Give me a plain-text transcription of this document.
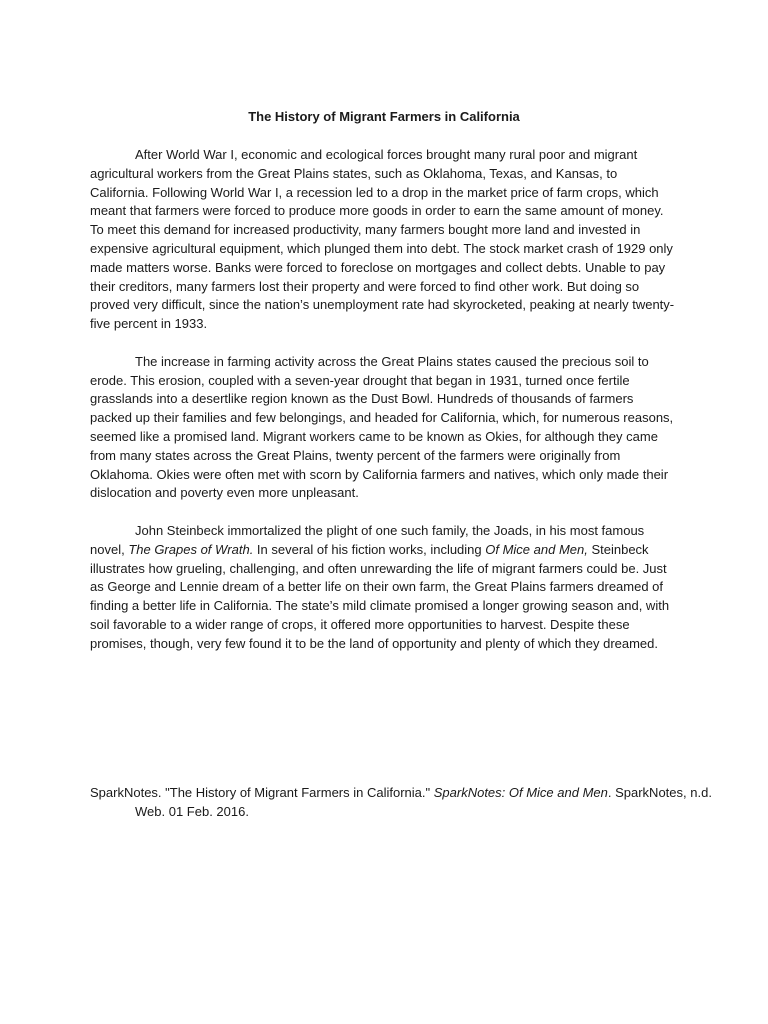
The History of Migrant Farmers in California

After World War I, economic and ecological forces brought many rural poor and migrant agricultural workers from the Great Plains states, such as Oklahoma, Texas, and Kansas, to California. Following World War I, a recession led to a drop in the market price of farm crops, which meant that farmers were forced to produce more goods in order to earn the same amount of money. To meet this demand for increased productivity, many farmers bought more land and invested in expensive agricultural equipment, which plunged them into debt. The stock market crash of 1929 only made matters worse. Banks were forced to foreclose on mortgages and collect debts. Unable to pay their creditors, many farmers lost their property and were forced to find other work. But doing so proved very difficult, since the nation’s unemployment rate had skyrocketed, peaking at nearly twenty-five percent in 1933.

The increase in farming activity across the Great Plains states caused the precious soil to erode. This erosion, coupled with a seven-year drought that began in 1931, turned once fertile grasslands into a desertlike region known as the Dust Bowl. Hundreds of thousands of farmers packed up their families and few belongings, and headed for California, which, for numerous reasons, seemed like a promised land. Migrant workers came to be known as Okies, for although they came from many states across the Great Plains, twenty percent of the farmers were originally from Oklahoma. Okies were often met with scorn by California farmers and natives, which only made their dislocation and poverty even more unpleasant.

John Steinbeck immortalized the plight of one such family, the Joads, in his most famous novel, The Grapes of Wrath. In several of his fiction works, including Of Mice and Men, Steinbeck illustrates how grueling, challenging, and often unrewarding the life of migrant farmers could be. Just as George and Lennie dream of a better life on their own farm, the Great Plains farmers dreamed of finding a better life in California. The state’s mild climate promised a longer growing season and, with soil favorable to a wider range of crops, it offered more opportunities to harvest. Despite these promises, though, very few found it to be the land of opportunity and plenty of which they dreamed.

SparkNotes. "The History of Migrant Farmers in California." SparkNotes: Of Mice and Men. SparkNotes, n.d. Web. 01 Feb. 2016.
